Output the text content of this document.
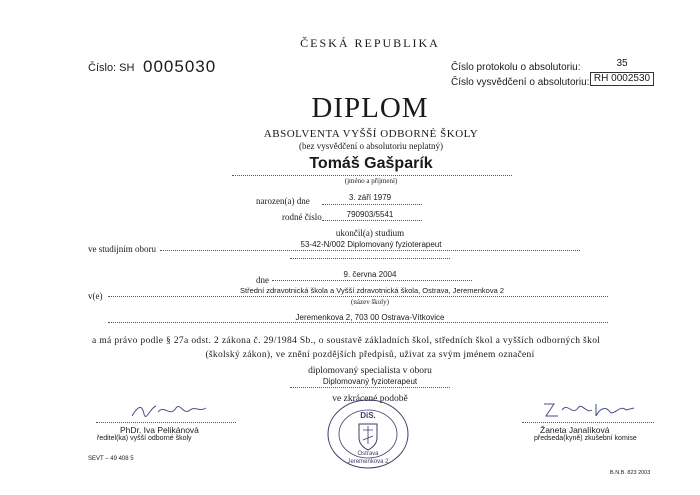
ČESKÁ REPUBLIKA
Číslo: SH 0005030	Číslo protokolu o absolutoriu:	35
Číslo vysvědčení o absolutoriu: RH 0002530
DIPLOM
ABSOLVENTA VYŠŠÍ ODBORNÉ ŠKOLY
(bez vysvědčení o absolutoriu neplatný)
Tomáš Gašparík
(jméno a příjmení)
narozen(a) dne	3. září 1979
rodné číslo	790903/5541
ukončil(a) studium
ve studijním oboru	53-42-N/002 Diplomovaný fyzioterapeut
dne
9. června 2004
v(e)
Střední zdravotnická škola a Vyšší zdravotnická škola, Ostrava, Jeremenkova 2
(název školy)
Jeremenkova 2, 703 00 Ostrava-Vítkovice
a má právo podle § 27a odst. 2 zákona č. 29/1984 Sb., o soustavě základních škol, středních škol a vyšších odborných škol
(školský zákon), ve znění pozdějších předpisů, užívat za svým jménem označení
diplomovaný specialista v oboru
Diplomovaný fyzioterapeut
ve zkrácené podobě
PhDr. Iva Pelikánová
ředitel(ka) vyšší odborné školy
Žaneta Janalíková
předseda(kyně) zkušební komise
DiS.
Ostrava
Jeremenkova 2
SEVT – 49 408 5
B.N.B. 823 2003
